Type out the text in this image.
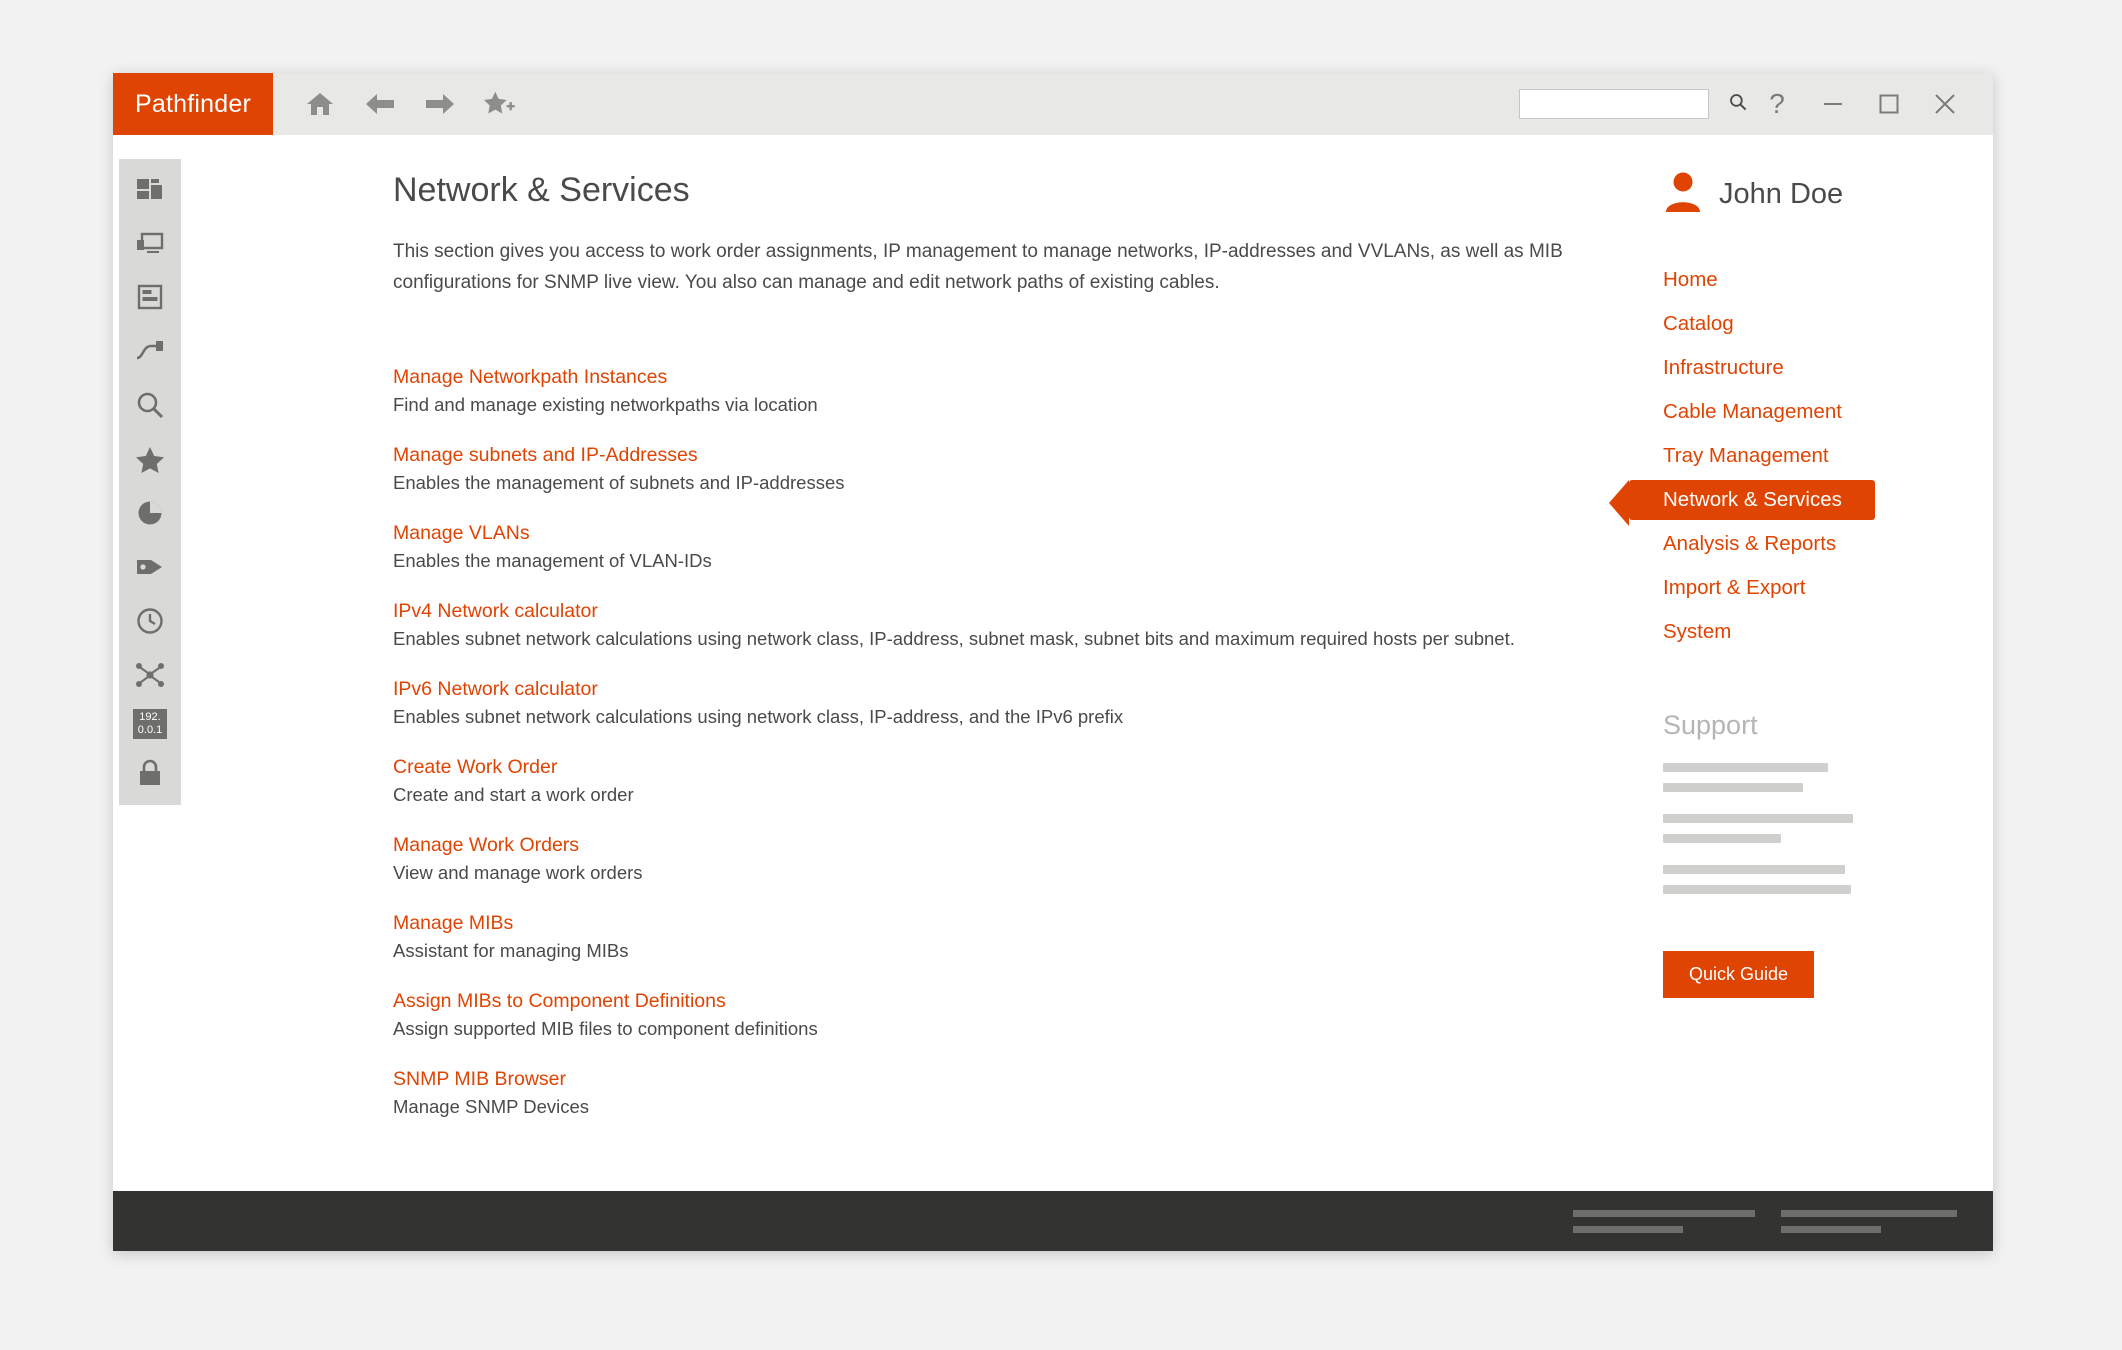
Pathfinder	?
192.
0.0.1
Network & Services

This section gives you access to work order assignments, IP management to manage networks, IP-addresses and VVLANs, as well as MIB configurations for SNMP live view. You also can manage and edit network paths of existing cables.

Manage Networkpath Instances
Find and manage existing networkpaths via location
Manage subnets and IP-Addresses
Enables the management of subnets and IP-addresses
Manage VLANs
Enables the management of VLAN-IDs
IPv4 Network calculator
Enables subnet network calculations using network class, IP-address, subnet mask, subnet bits and maximum required hosts per subnet.
IPv6 Network calculator
Enables subnet network calculations using network class, IP-address, and the IPv6 prefix
Create Work Order
Create and start a work order
Manage Work Orders
View and manage work orders
Manage MIBs
Assistant for managing MIBs
Assign MIBs to Component Definitions
Assign supported MIB files to component definitions
SNMP MIB Browser
Manage SNMP Devices
John Doe
Home
Catalog
Infrastructure
Cable Management
Tray Management
Network & Services
Analysis & Reports
Import & Export
System
Support
Quick Guide
